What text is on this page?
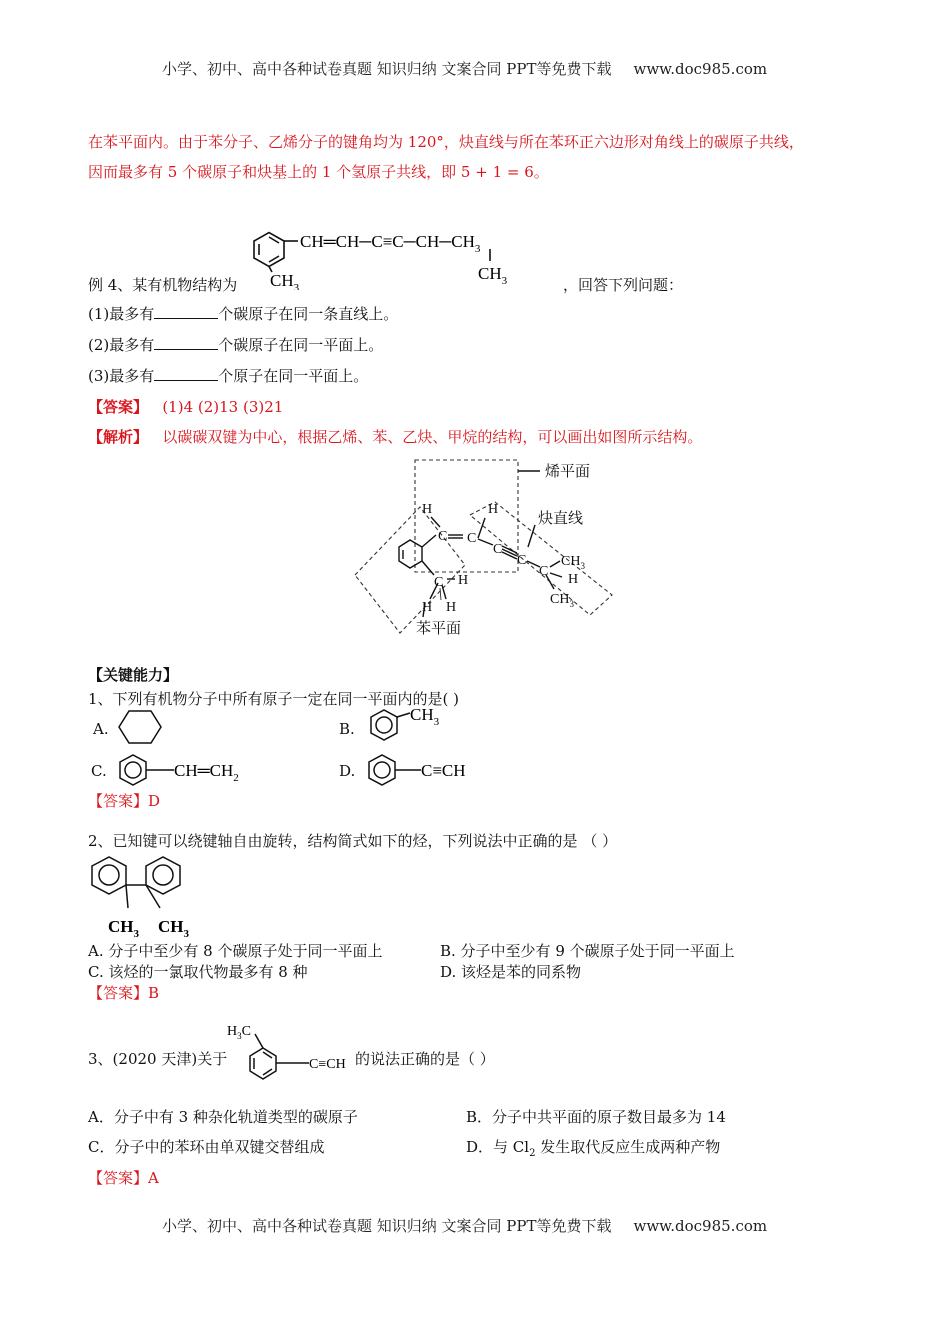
小学、初中、高中各种试卷真题 知识归纳 文案合同 PPT等免费下载 www.doc985.com
在苯平面内。由于苯分子、乙烯分子的键角均为 120°，炔直线与所在苯环正六边形对角线上的碳原子共线，
因而最多有 5 个碳原子和炔基上的 1 个氢原子共线，即 5 + 1 = 6。
$CH═CH─C\equiv C─CH─CH_3$
$CH_3$
$CH_3$
例 4、某有机物结构为	，回答下列问题：
(1)最多有	个碳原子在同一条直线上。
(2)最多有	个碳原子在同一平面上。
(3)最多有	个原子在同一平面上。
【答案】 (1)4 (2)13 (3)21
【解析】 以碳碳双键为中心，根据乙烯、苯、乙炔、甲烷的结构，可以画出如图所示结构。
H	H
C C
C
C
C
C H
H H
H
$CH_3$
$CH_3$
烯平面
炔直线
苯平面
【关键能力】
1、下列有机物分子中所有原子一定在同一平面内的是( )
A.	B.
$CH_3$
C.	$CH═CH_2$	D.	C≡CH
【答案】D
2、已知键可以绕键轴自由旋转，结构简式如下的烃，下列说法中正确的是 （ ）
$CH_3$ $CH_3$
A. 分子中至少有 8 个碳原子处于同一平面上	B. 分子中至少有 9 个碳原子处于同一平面上
C. 该烃的一氯取代物最多有 8 种	D. 该烃是苯的同系物
【答案】B
3、(2020 天津)关于
$H_3C$
C≡CH 的说法正确的是（ ）
A．分子中有 3 种杂化轨道类型的碳原子	B．分子中共平面的原子数目最多为 14
C．分子中的苯环由单双键交替组成	D．与 $Cl_2$ 发生取代反应生成两种产物
【答案】A
小学、初中、高中各种试卷真题 知识归纳 文案合同 PPT等免费下载 www.doc985.com
